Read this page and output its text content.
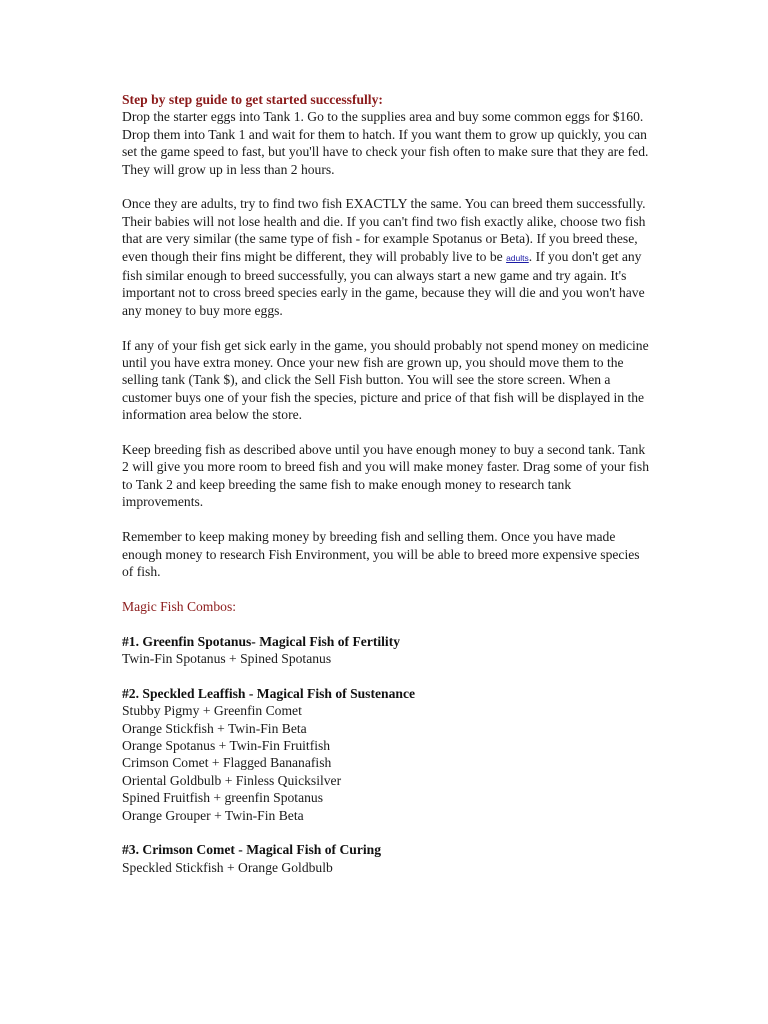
Step by step guide to get started successfully:

Drop the starter eggs into Tank 1. Go to the supplies area and buy some common eggs for $160. Drop them into Tank 1 and wait for them to hatch. If you want them to grow up quickly, you can set the game speed to fast, but you'll have to check your fish often to make sure that they are fed. They will grow up in less than 2 hours.

Once they are adults, try to find two fish EXACTLY the same. You can breed them successfully. Their babies will not lose health and die. If you can't find two fish exactly alike, choose two fish that are very similar (the same type of fish - for example Spotanus or Beta). If you breed these, even though their fins might be different, they will probably live to be adults. If you don't get any fish similar enough to breed successfully, you can always start a new game and try again. It's important not to cross breed species early in the game, because they will die and you won't have any money to buy more eggs.

If any of your fish get sick early in the game, you should probably not spend money on medicine until you have extra money. Once your new fish are grown up, you should move them to the selling tank (Tank $), and click the Sell Fish button. You will see the store screen. When a customer buys one of your fish the species, picture and price of that fish will be displayed in the information area below the store.

Keep breeding fish as described above until you have enough money to buy a second tank. Tank 2 will give you more room to breed fish and you will make money faster. Drag some of your fish to Tank 2 and keep breeding the same fish to make enough money to research tank improvements.

Remember to keep making money by breeding fish and selling them. Once you have made enough money to research Fish Environment, you will be able to breed more expensive species of fish.

Magic Fish Combos:
#1. Greenfin Spotanus- Magical Fish of Fertility
Twin-Fin Spotanus + Spined Spotanus
#2. Speckled Leaffish - Magical Fish of Sustenance
Stubby Pigmy + Greenfin Comet
Orange Stickfish + Twin-Fin Beta
Orange Spotanus + Twin-Fin Fruitfish
Crimson Comet + Flagged Bananafish
Oriental Goldbulb + Finless Quicksilver
Spined Fruitfish + greenfin Spotanus
Orange Grouper + Twin-Fin Beta
#3. Crimson Comet - Magical Fish of Curing
Speckled Stickfish + Orange Goldbulb
